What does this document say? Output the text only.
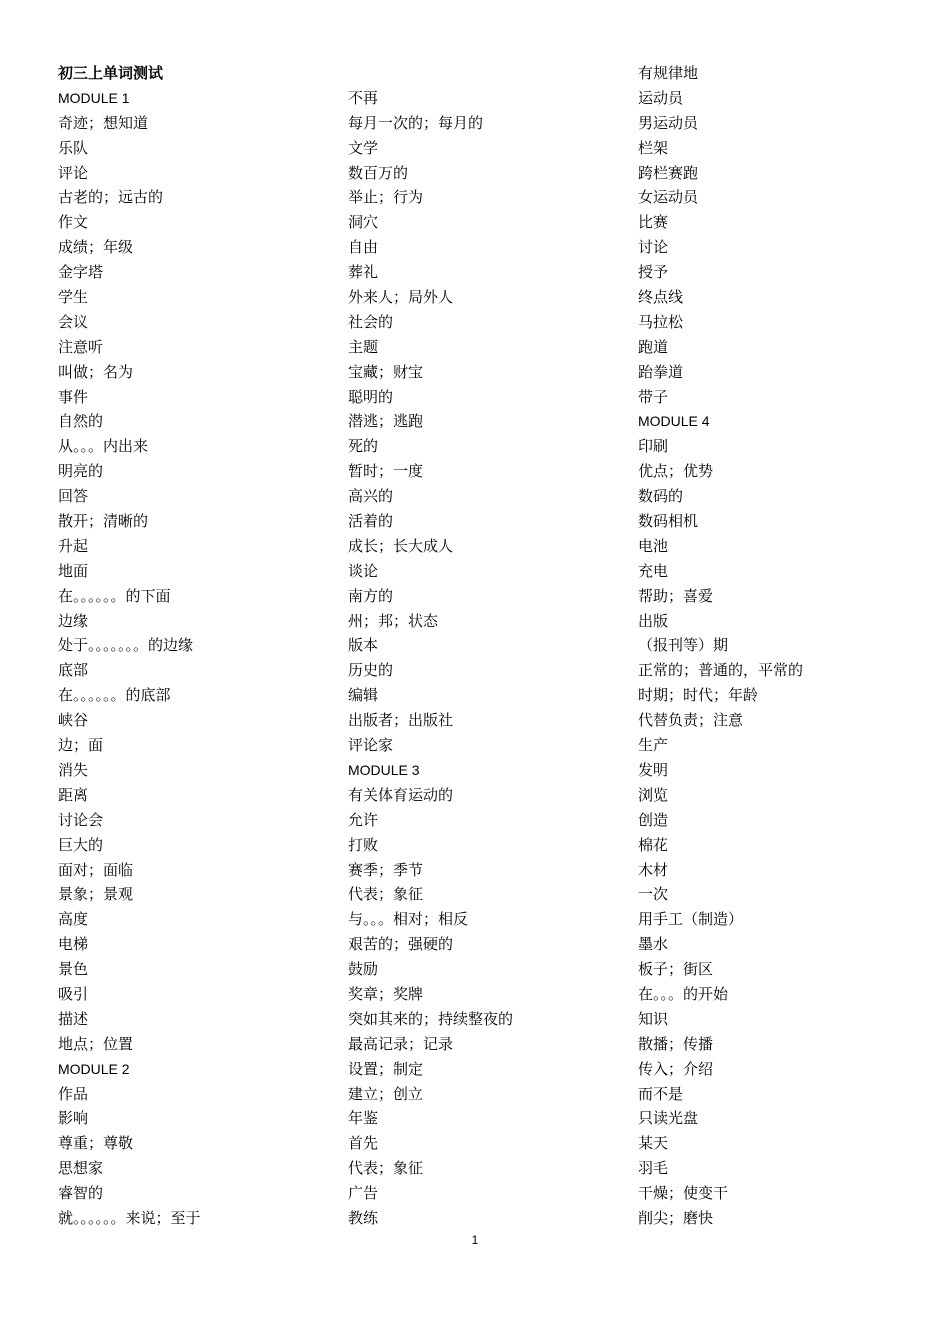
初三上单词测试
MODULE 1
奇迹；想知道
乐队
评论
古老的；远古的
作文
成绩；年级
金字塔
学生
会议
注意听
叫做；名为
事件
自然的
从。。。内出来
明亮的
回答
散开；清晰的
升起
地面
在。。。。。。的下面
边缘
处于。。。。。。。的边缘
底部
在。。。。。。的底部
峡谷
边；面
消失
距离
讨论会
巨大的
面对；面临
景象；景观
高度
电梯
景色
吸引
描述
地点；位置
MODULE 2
作品
影响
尊重；尊敬
思想家
睿智的
就。。。。。。来说；至于
不再
每月一次的；每月的
文学
数百万的
举止；行为
洞穴
自由
葬礼
外来人；局外人
社会的
主题
宝藏；财宝
聪明的
潜逃；逃跑
死的
暂时；一度
高兴的
活着的
成长；长大成人
谈论
南方的
州；邦；状态
版本
历史的
编辑
出版者；出版社
评论家
MODULE 3
有关体育运动的
允许
打败
赛季；季节
代表；象征
与。。。相对；相反
艰苦的；强硬的
鼓励
奖章；奖牌
突如其来的；持续整夜的
最高记录；记录
设置；制定
建立；创立
年鉴
首先
代表；象征
广告
教练
有规律地
运动员
男运动员
栏架
跨栏赛跑
女运动员
比赛
讨论
授予
终点线
马拉松
跑道
跆拳道
带子
MODULE 4
印刷
优点；优势
数码的
数码相机
电池
充电
帮助；喜爱
出版
（报刊等）期
正常的；普通的，平常的
时期；时代；年龄
代替负责；注意
生产
发明
浏览
创造
棉花
木材
一次
用手工（制造）
墨水
板子；街区
在。。。的开始
知识
散播；传播
传入；介绍
而不是
只读光盘
某天
羽毛
干燥；使变干
削尖；磨快
1
